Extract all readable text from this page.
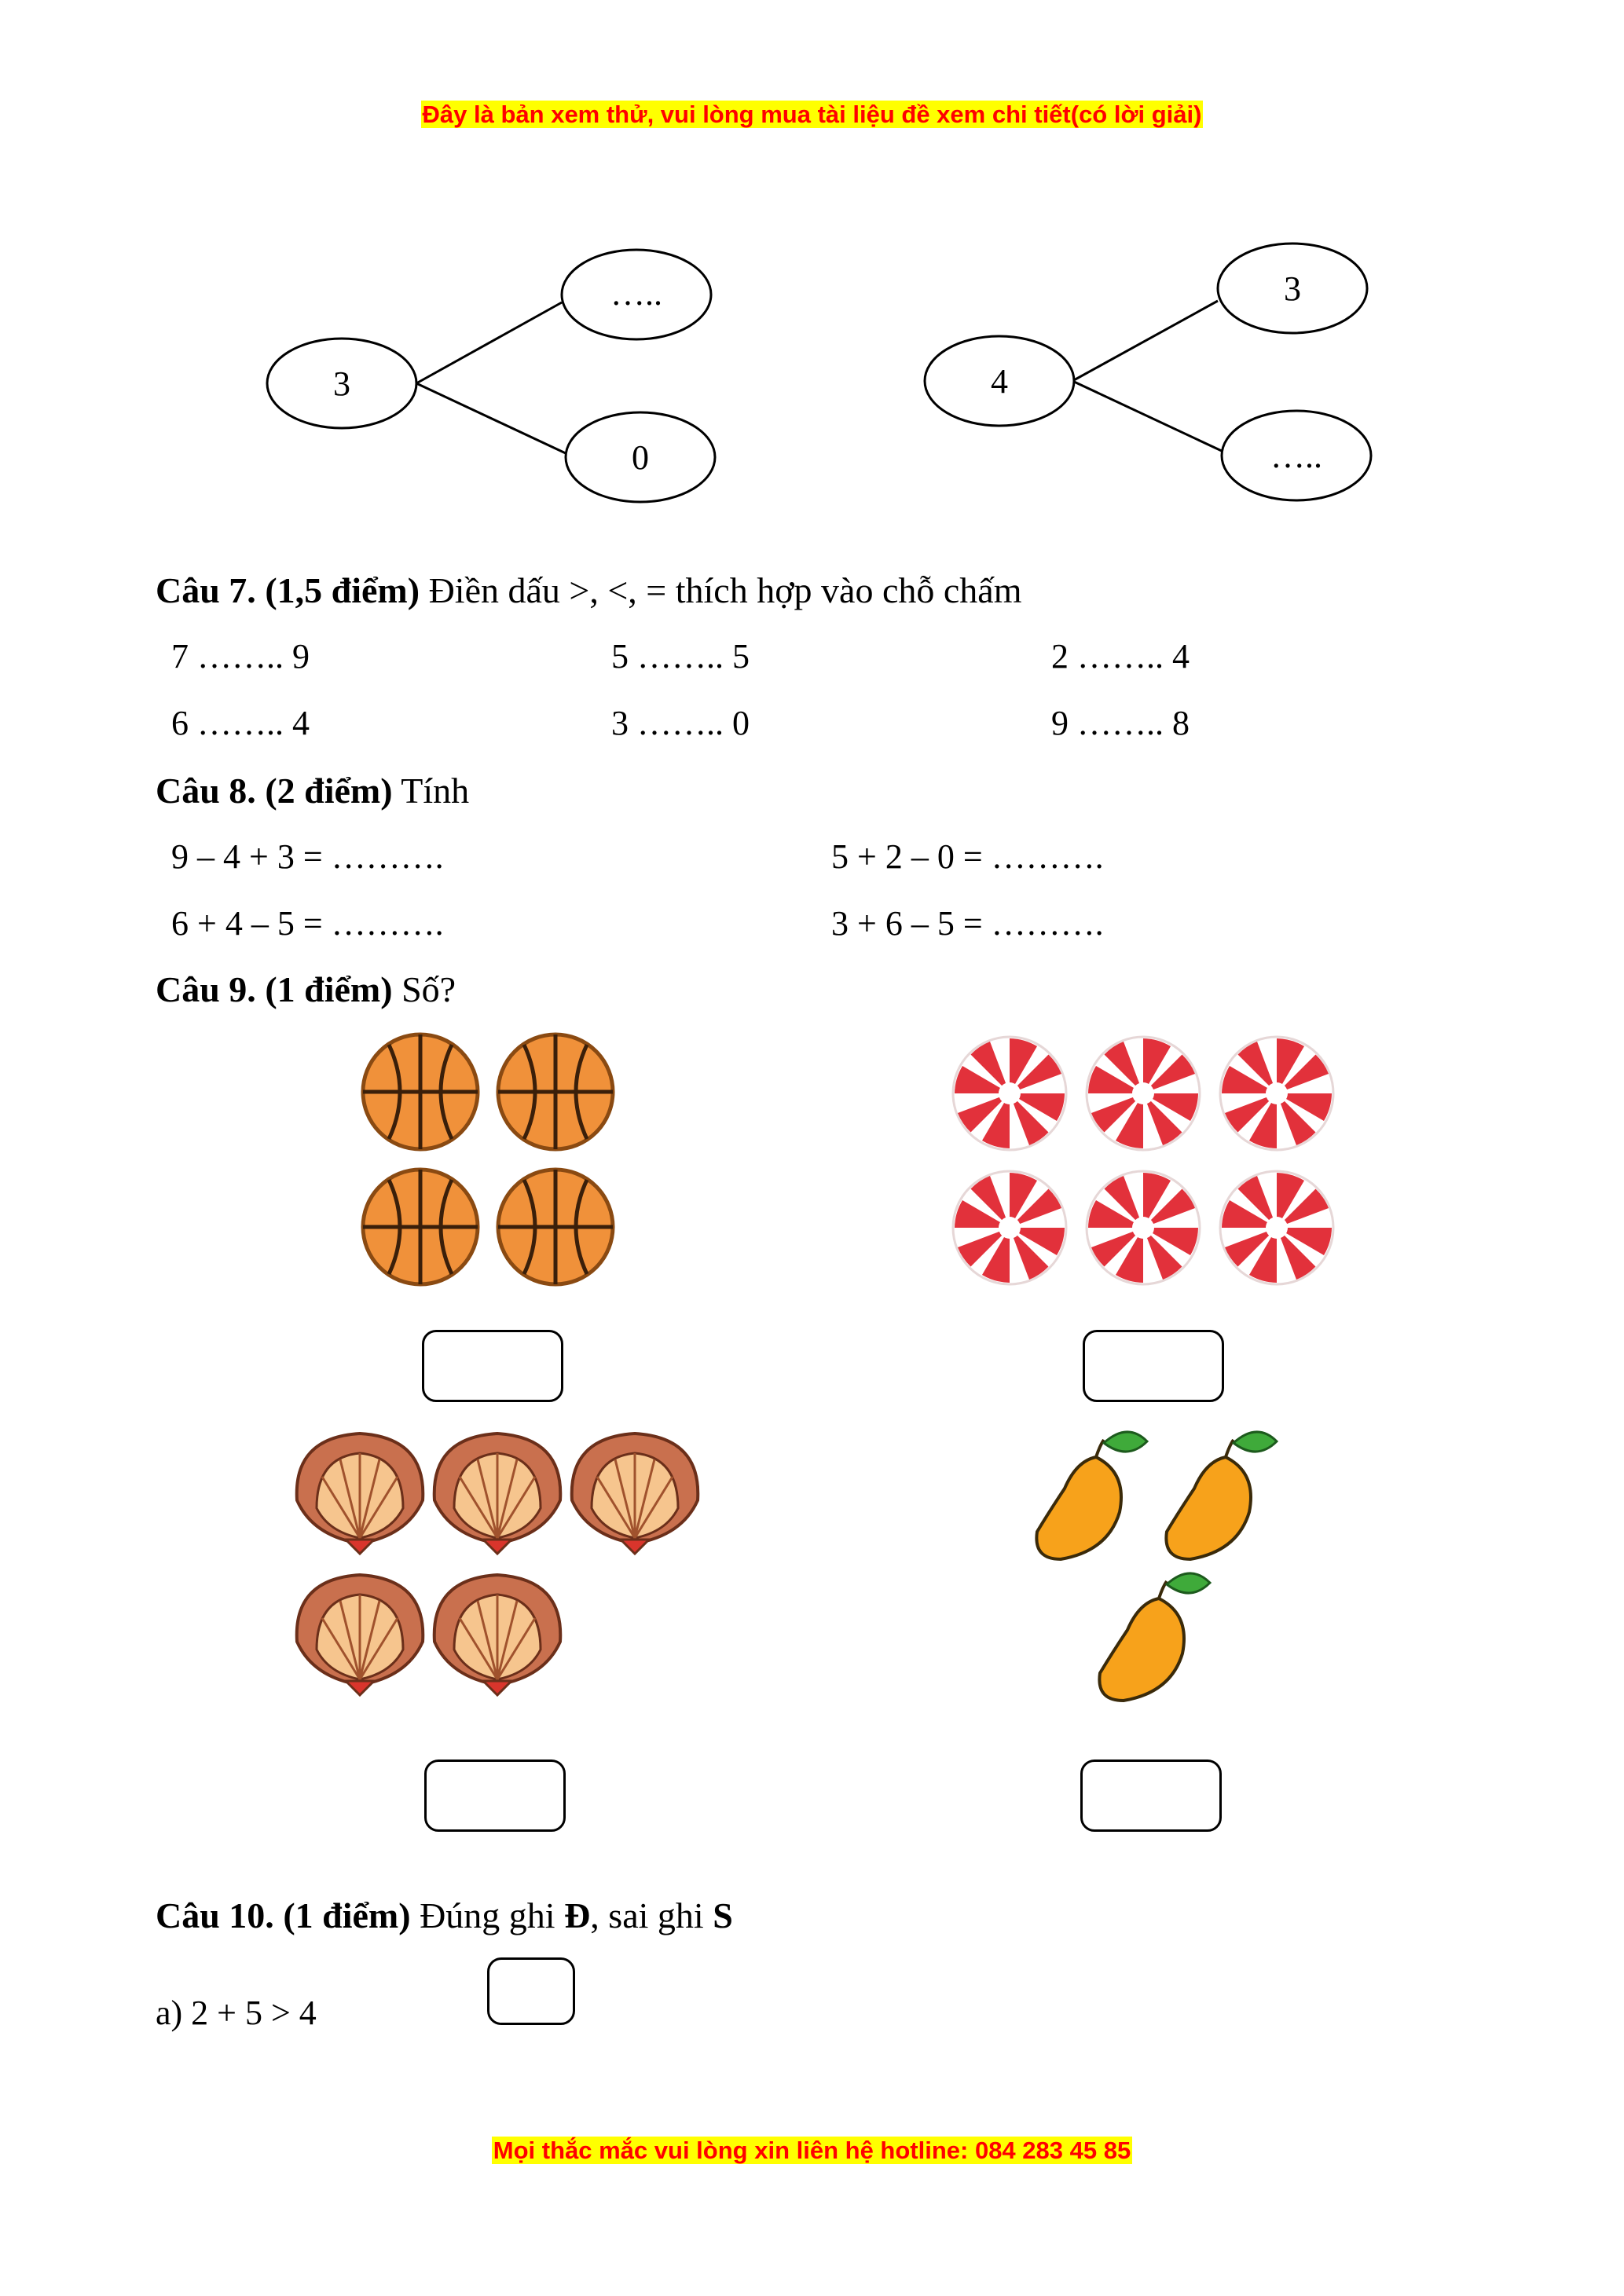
Đây là bản xem thử, vui lòng mua tài liệu đề xem chi tiết(có lời giải)
3
…..
0
4
3
…..
Câu 7. (1,5 điểm) Điền dấu >, <, = thích hợp vào chỗ chấm
7 …….. 9	5 …….. 5	2 …….. 4
6 …….. 4	3 …….. 0	9 …….. 8
Câu 8. (2 điểm) Tính
9 – 4 + 3 = ……….	5 + 2 – 0 = ……….
6 + 4 – 5 = ……….	3 + 6 – 5 = ……….
Câu 9. (1 điểm) Số?
Câu 10. (1 điểm) Đúng ghi Đ, sai ghi S
a) 2 + 5 > 4
Mọi thắc mắc vui lòng xin liên hệ hotline: 084 283 45 85
